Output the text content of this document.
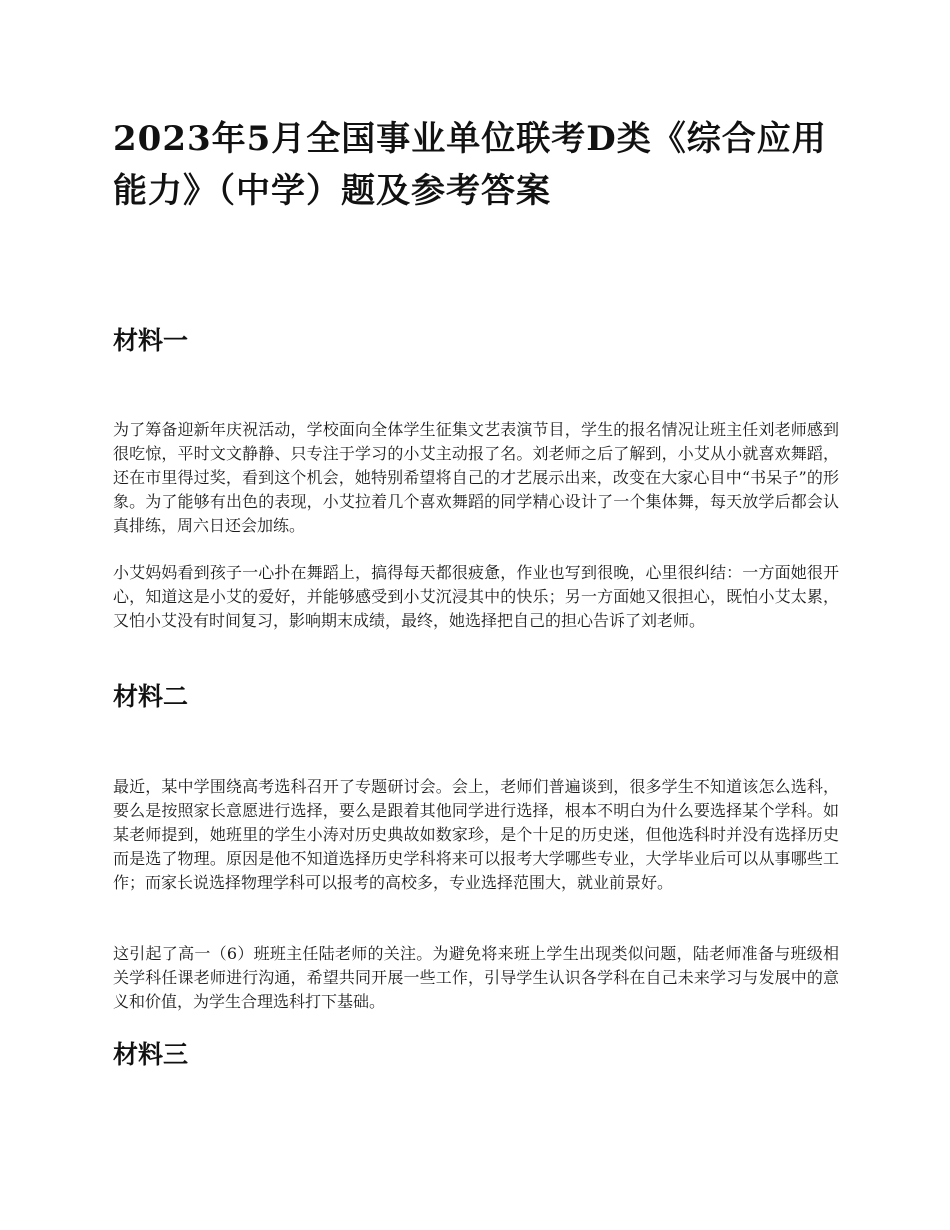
2023年5月全国事业单位联考D类《综合应用能力》（中学）题及参考答案
材料一

为了筹备迎新年庆祝活动，学校面向全体学生征集文艺表演节目，学生的报名情况让班主任刘老师感到很吃惊，平时文文静静、只专注于学习的小艾主动报了名。刘老师之后了解到，小艾从小就喜欢舞蹈，还在市里得过奖，看到这个机会，她特别希望将自己的才艺展示出来，改变在大家心目中“书呆子”的形象。为了能够有出色的表现，小艾拉着几个喜欢舞蹈的同学精心设计了一个集体舞，每天放学后都会认真排练，周六日还会加练。

小艾妈妈看到孩子一心扑在舞蹈上，搞得每天都很疲惫，作业也写到很晚，心里很纠结：一方面她很开心，知道这是小艾的爱好，并能够感受到小艾沉浸其中的快乐；另一方面她又很担心，既怕小艾太累，又怕小艾没有时间复习，影响期末成绩，最终，她选择把自己的担心告诉了刘老师。

材料二

最近，某中学围绕高考选科召开了专题研讨会。会上，老师们普遍谈到，很多学生不知道该怎么选科，要么是按照家长意愿进行选择，要么是跟着其他同学进行选择，根本不明白为什么要选择某个学科。如某老师提到，她班里的学生小涛对历史典故如数家珍，是个十足的历史迷，但他选科时并没有选择历史而是选了物理。原因是他不知道选择历史学科将来可以报考大学哪些专业，大学毕业后可以从事哪些工作；而家长说选择物理学科可以报考的高校多，专业选择范围大，就业前景好。

这引起了高一（6）班班主任陆老师的关注。为避免将来班上学生出现类似问题，陆老师准备与班级相关学科任课老师进行沟通，希望共同开展一些工作，引导学生认识各学科在自己未来学习与发展中的意义和价值，为学生合理选科打下基础。

材料三
